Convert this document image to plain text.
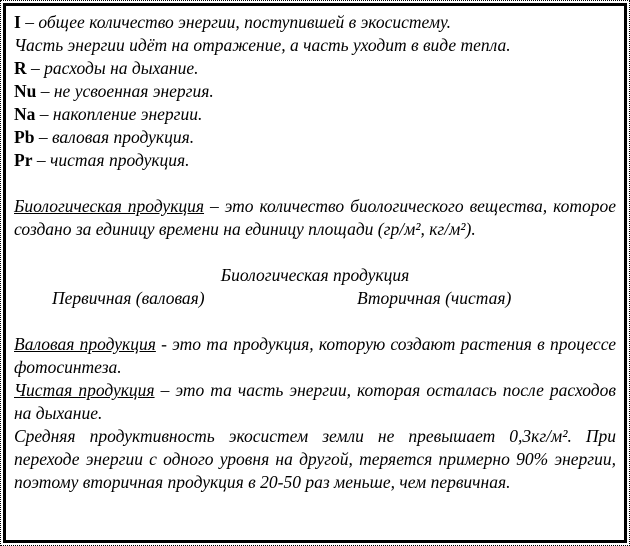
I – общее количество энергии, поступившей в экосистему.

Часть энергии идёт на отражение, а часть уходит в виде тепла.

R – расходы на дыхание.

Nu – не усвоенная энергия.

Na – накопление энергии.

Pb – валовая продукция.

Pr – чистая продукция.

Биологическая продукция – это количество биологического вещества, которое создано за единицу времени на единицу площади (гр/м², кг/м²).

Биологическая продукция

Первичная (валовая)	Вторичная (чистая)

Валовая продукция - это та продукция, которую создают растения в процессе фотосинтеза.

Чистая продукция – это та часть энергии, которая осталась после расходов на дыхание.

Средняя продуктивность экосистем земли не превышает 0,3кг/м². При переходе энергии с одного уровня на другой, теряется примерно 90% энергии, поэтому вторичная продукция в 20-50 раз меньше, чем первичная.
